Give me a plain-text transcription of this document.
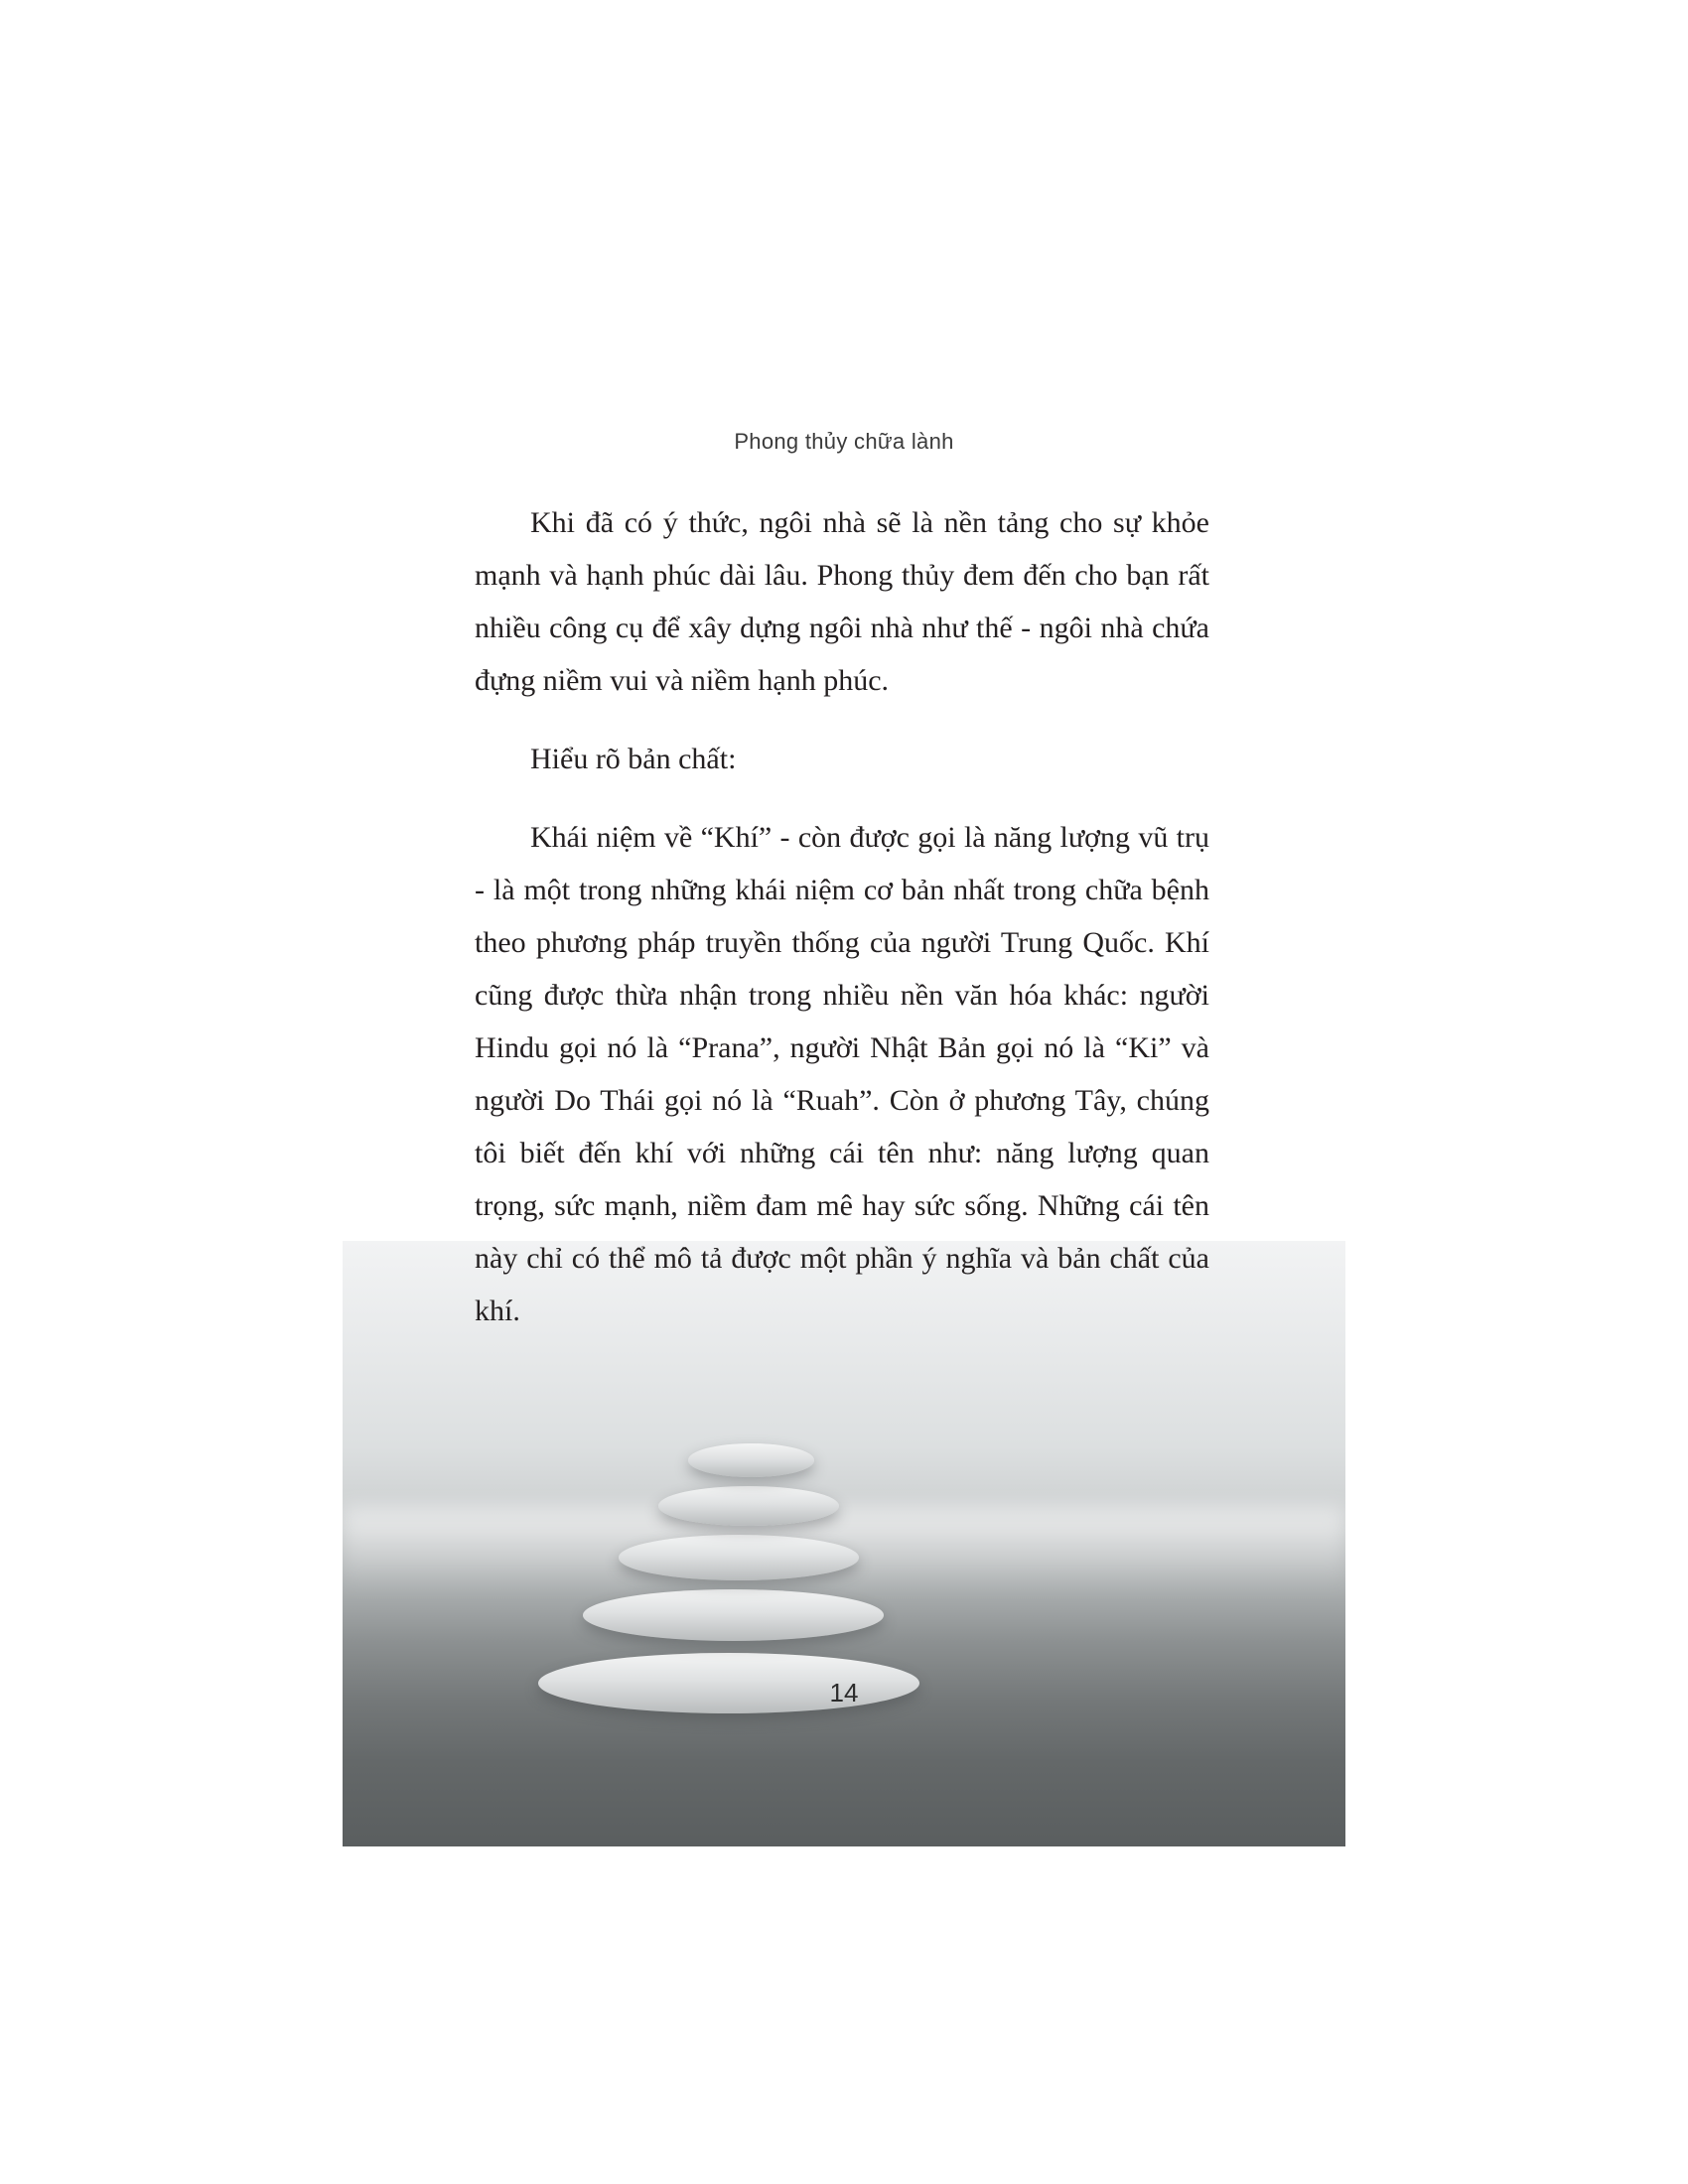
Phong thủy chữa lành

Khi đã có ý thức, ngôi nhà sẽ là nền tảng cho sự khỏe mạnh và hạnh phúc dài lâu. Phong thủy đem đến cho bạn rất nhiều công cụ để xây dựng ngôi nhà như thế - ngôi nhà chứa đựng niềm vui và niềm hạnh phúc.

Hiểu rõ bản chất:

Khái niệm về “Khí” - còn được gọi là năng lượng vũ trụ - là một trong những khái niệm cơ bản nhất trong chữa bệnh theo phương pháp truyền thống của người Trung Quốc. Khí cũng được thừa nhận trong nhiều nền văn hóa khác: người Hindu gọi nó là “Prana”, người Nhật Bản gọi nó là “Ki” và người Do Thái gọi nó là “Ruah”. Còn ở phương Tây, chúng tôi biết đến khí với những cái tên như: năng lượng quan trọng, sức mạnh, niềm đam mê hay sức sống. Những cái tên này chỉ có thể mô tả được một phần ý nghĩa và bản chất của khí.

14
